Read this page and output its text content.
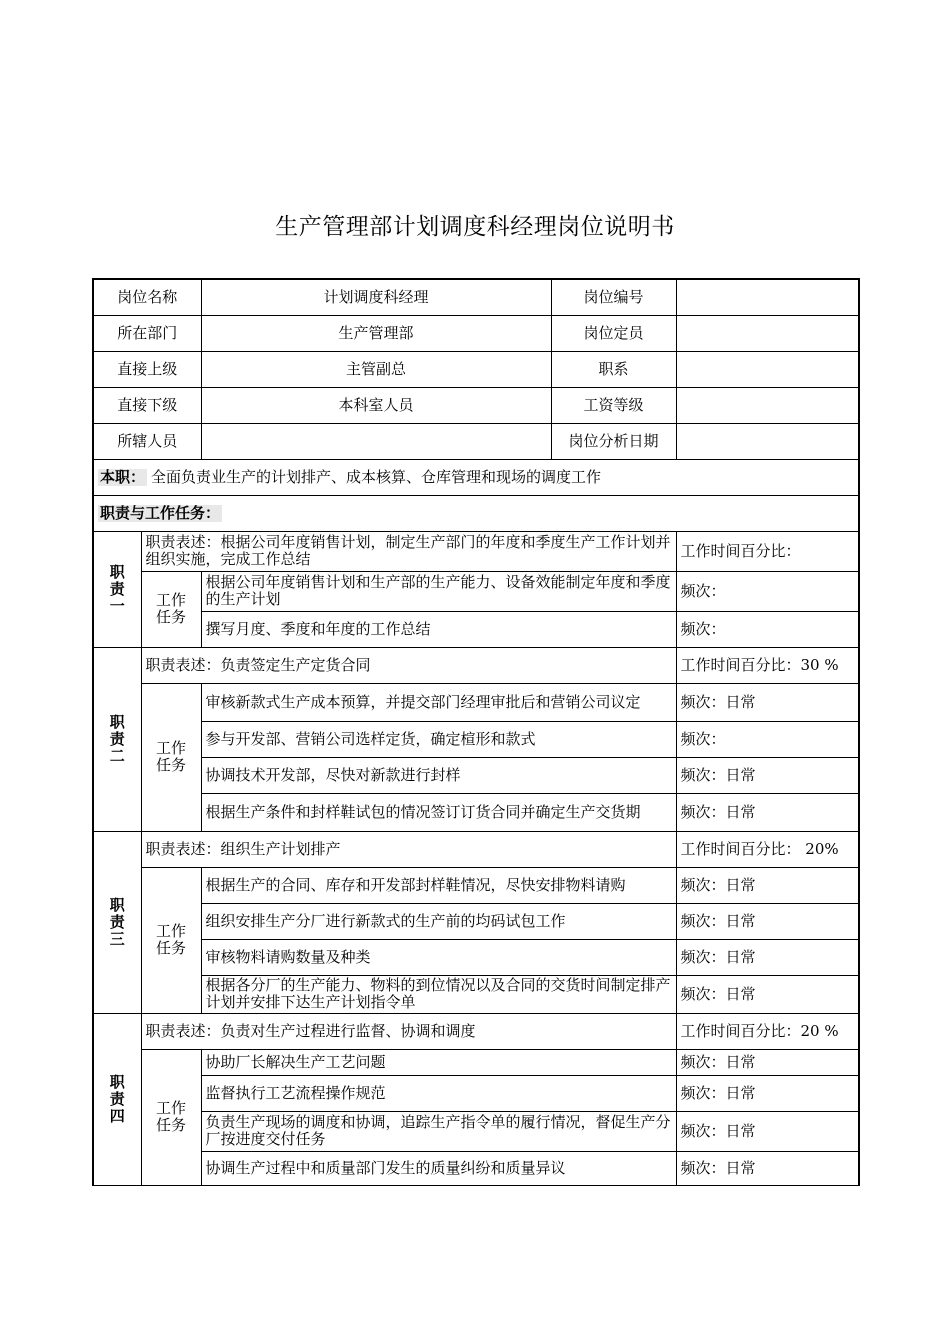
生产管理部计划调度科经理岗位说明书
岗位名称		计划调度科经理	岗位编号	
所在部门		生产管理部	岗位定员	
直接上级		主管副总	职系	
直接下级		本科室人员	工资等级	
所辖人员			岗位分析日期	
本职： 全面负责业生产的计划排产、成本核算、仓库管理和现场的调度工作				
职责与工作任务：				

职
责
一	职责表述：根据公司年度销售计划，制定生产部门的年度和季度生产工作计划并组织实施，完成工作总结			工作时间百分比：

	工作
任务	根据公司年度销售计划和生产部的生产能力、设备效能制定年度和季度的生产计划		频次：
		撰写月度、季度和年度的工作总结		频次：

职
责
二	职责表述：负责签定生产定货合同			工作时间百分比：30 %

	工作
任务	审核新款式生产成本预算，并提交部门经理审批后和营销公司议定		频次：日常
		参与开发部、营销公司选样定货，确定楦形和款式		频次：
		协调技术开发部，尽快对新款进行封样		频次：日常
		根据生产条件和封样鞋试包的情况签订订货合同并确定生产交货期		频次：日常

职
责
三	职责表述：组织生产计划排产			工作时间百分比： 20%

	工作
任务	根据生产的合同、库存和开发部封样鞋情况，尽快安排物料请购		频次：日常
		组织安排生产分厂进行新款式的生产前的均码试包工作		频次：日常
		审核物料请购数量及种类		频次：日常
		根据各分厂的生产能力、物料的到位情况以及合同的交货时间制定排产计划并安排下达生产计划指令单		频次：日常

职
责
四	职责表述：负责对生产过程进行监督、协调和调度			工作时间百分比：20 %

	工作
任务	协助厂长解决生产工艺问题		频次：日常
		监督执行工艺流程操作规范		频次：日常
		负责生产现场的调度和协调，追踪生产指令单的履行情况，督促生产分厂按进度交付任务		频次：日常
		协调生产过程中和质量部门发生的质量纠纷和质量异议		频次：日常
